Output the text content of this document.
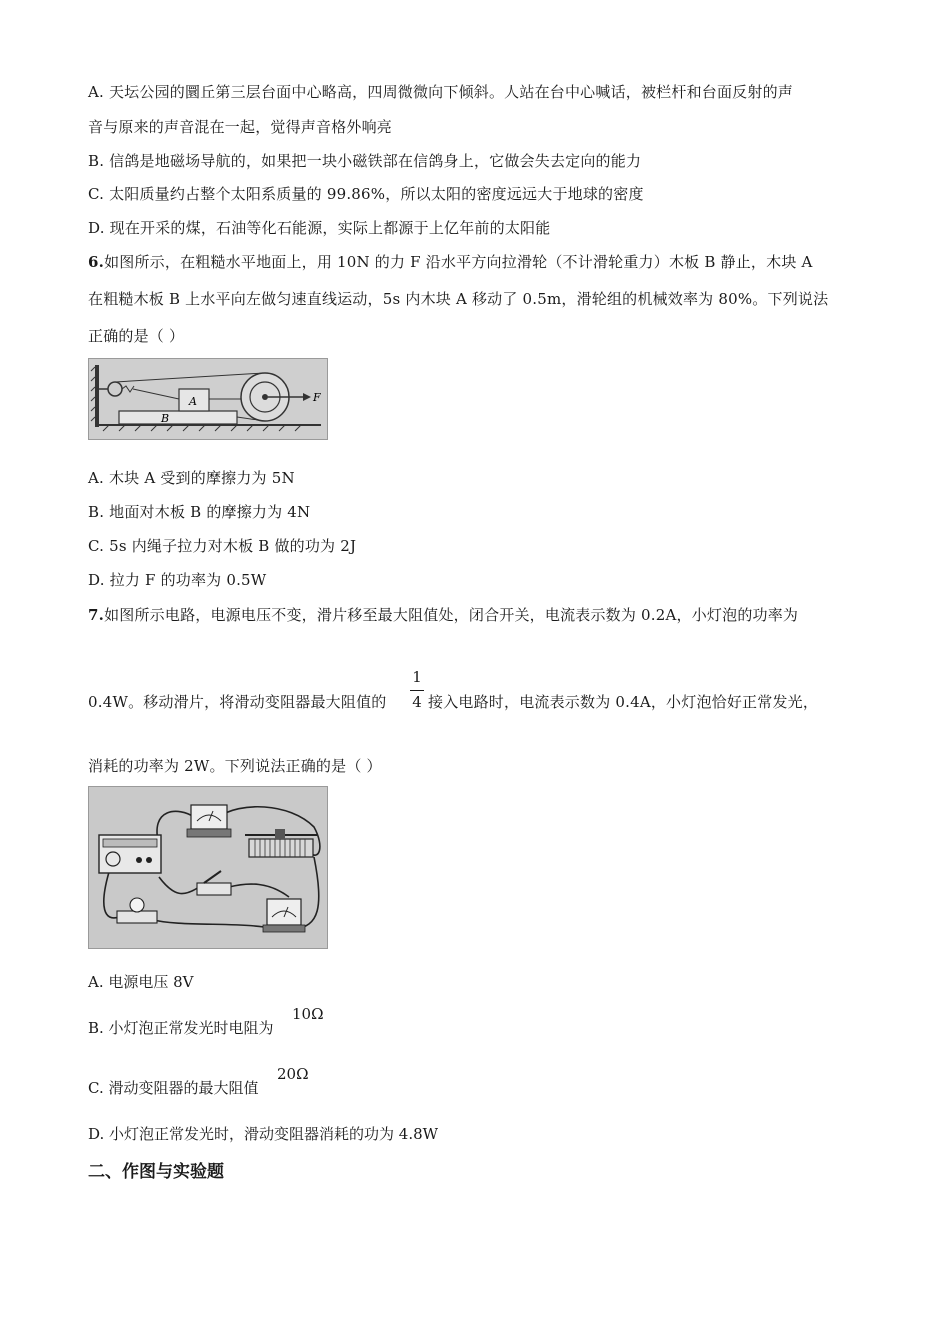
A. 天坛公园的圜丘第三层台面中心略高，四周微微向下倾斜。人站在台中心喊话，被栏杆和台面反射的声
音与原来的声音混在一起，觉得声音格外响亮
B. 信鸽是地磁场导航的，如果把一块小磁铁部在信鸽身上，它做会失去定向的能力
C. 太阳质量约占整个太阳系质量的 99.86%，所以太阳的密度远远大于地球的密度
D. 现在开采的煤，石油等化石能源，实际上都源于上亿年前的太阳能
6.如图所示，在粗糙水平地面上，用 10N 的力 F 沿水平方向拉滑轮（不计滑轮重力）木板 B 静止，木块 A
在粗糙木板 B 上水平向左做匀速直线运动，5s 内木块 A 移动了 0.5m，滑轮组的机械效率为 80%。下列说法
正确的是（ ）
B
A	F
A. 木块 A 受到的摩擦力为 5N
B. 地面对木板 B 的摩擦力为 4N
C. 5s 内绳子拉力对木板 B 做的功为 2J
D. 拉力 F 的功率为 0.5W
7.如图所示电路，电源电压不变，滑片移至最大阻值处，闭合开关，电流表示数为 0.2A，小灯泡的功率为
0.4W。移动滑片，将滑动变阻器最大阻值的
1
4 接入电路时，电流表示数为 0.4A，小灯泡恰好正常发光，
消耗的功率为 2W。下列说法正确的是（ ）
A. 电源电压 8V
B. 小灯泡正常发光时电阻为
10Ω
C. 滑动变阻器的最大阻值
20Ω
D. 小灯泡正常发光时，滑动变阻器消耗的功为 4.8W
二、作图与实验题
